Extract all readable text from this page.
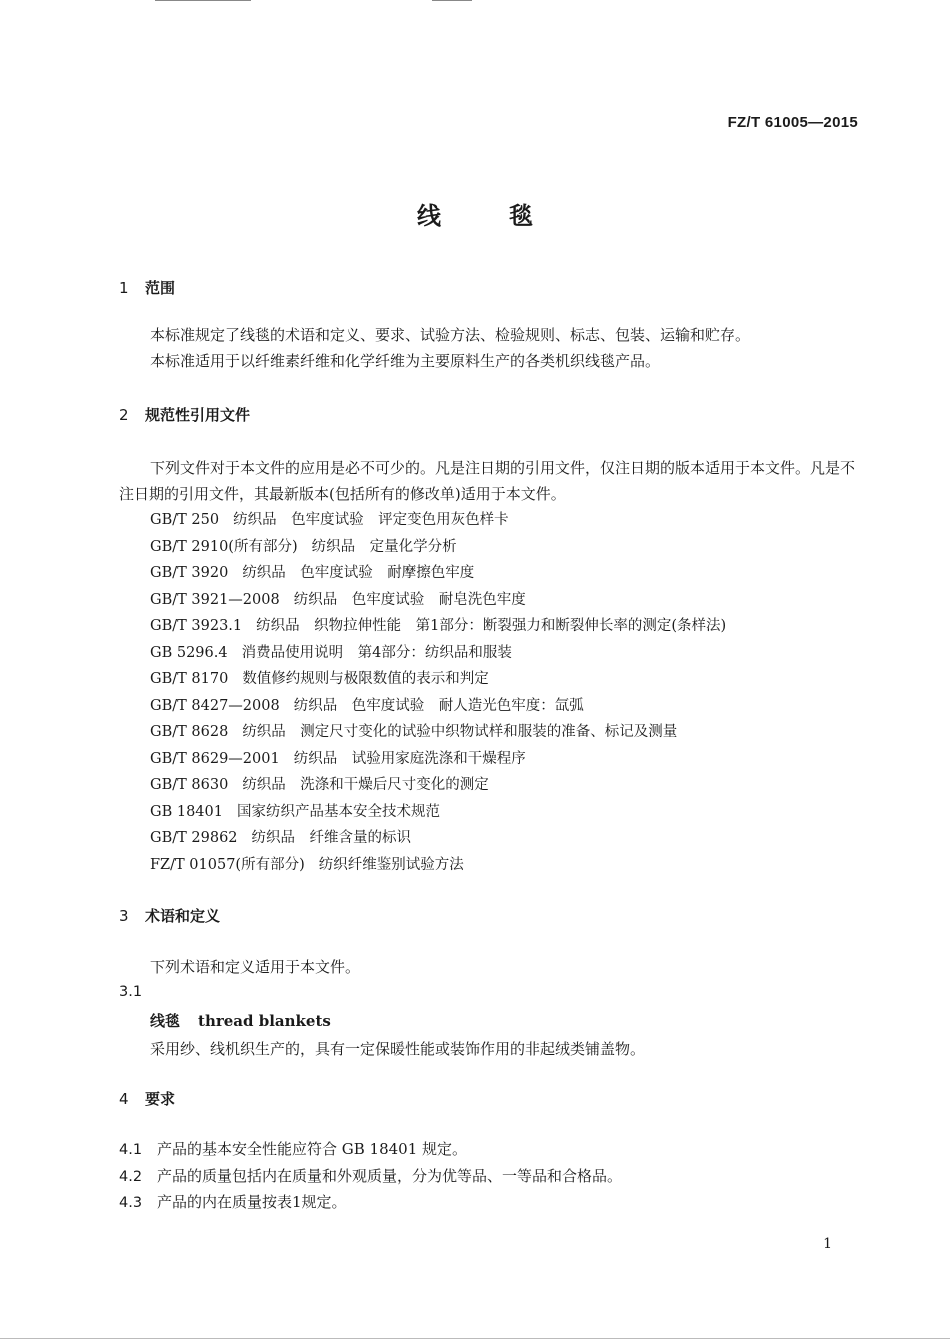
FZ/T 61005—2015
线毯
1 范围
本标准规定了线毯的术语和定义、要求、试验方法、检验规则、标志、包装、运输和贮存。
本标准适用于以纤维素纤维和化学纤维为主要原料生产的各类机织线毯产品。
2 规范性引用文件
下列文件对于本文件的应用是必不可少的。凡是注日期的引用文件，仅注日期的版本适用于本文件。凡是不注日期的引用文件，其最新版本(包括所有的修改单)适用于本文件。
GB/T 250 纺织品　色牢度试验　评定变色用灰色样卡
GB/T 2910(所有部分) 纺织品　定量化学分析
GB/T 3920 纺织品　色牢度试验　耐摩擦色牢度
GB/T 3921—2008 纺织品　色牢度试验　耐皂洗色牢度
GB/T 3923.1 纺织品　织物拉伸性能　第1部分：断裂强力和断裂伸长率的测定(条样法)
GB 5296.4 消费品使用说明　第4部分：纺织品和服装
GB/T 8170 数值修约规则与极限数值的表示和判定
GB/T 8427—2008 纺织品　色牢度试验　耐人造光色牢度：氙弧
GB/T 8628 纺织品　测定尺寸变化的试验中织物试样和服装的准备、标记及测量
GB/T 8629—2001 纺织品　试验用家庭洗涤和干燥程序
GB/T 8630 纺织品　洗涤和干燥后尺寸变化的测定
GB 18401 国家纺织产品基本安全技术规范
GB/T 29862 纺织品　纤维含量的标识
FZ/T 01057(所有部分) 纺织纤维鉴别试验方法
3 术语和定义
下列术语和定义适用于本文件。
3.1
线毯 thread blankets
采用纱、线机织生产的，具有一定保暖性能或装饰作用的非起绒类铺盖物。
4 要求
4.1 产品的基本安全性能应符合 GB 18401 规定。
4.2 产品的质量包括内在质量和外观质量，分为优等品、一等品和合格品。
4.3 产品的内在质量按表1规定。
1
